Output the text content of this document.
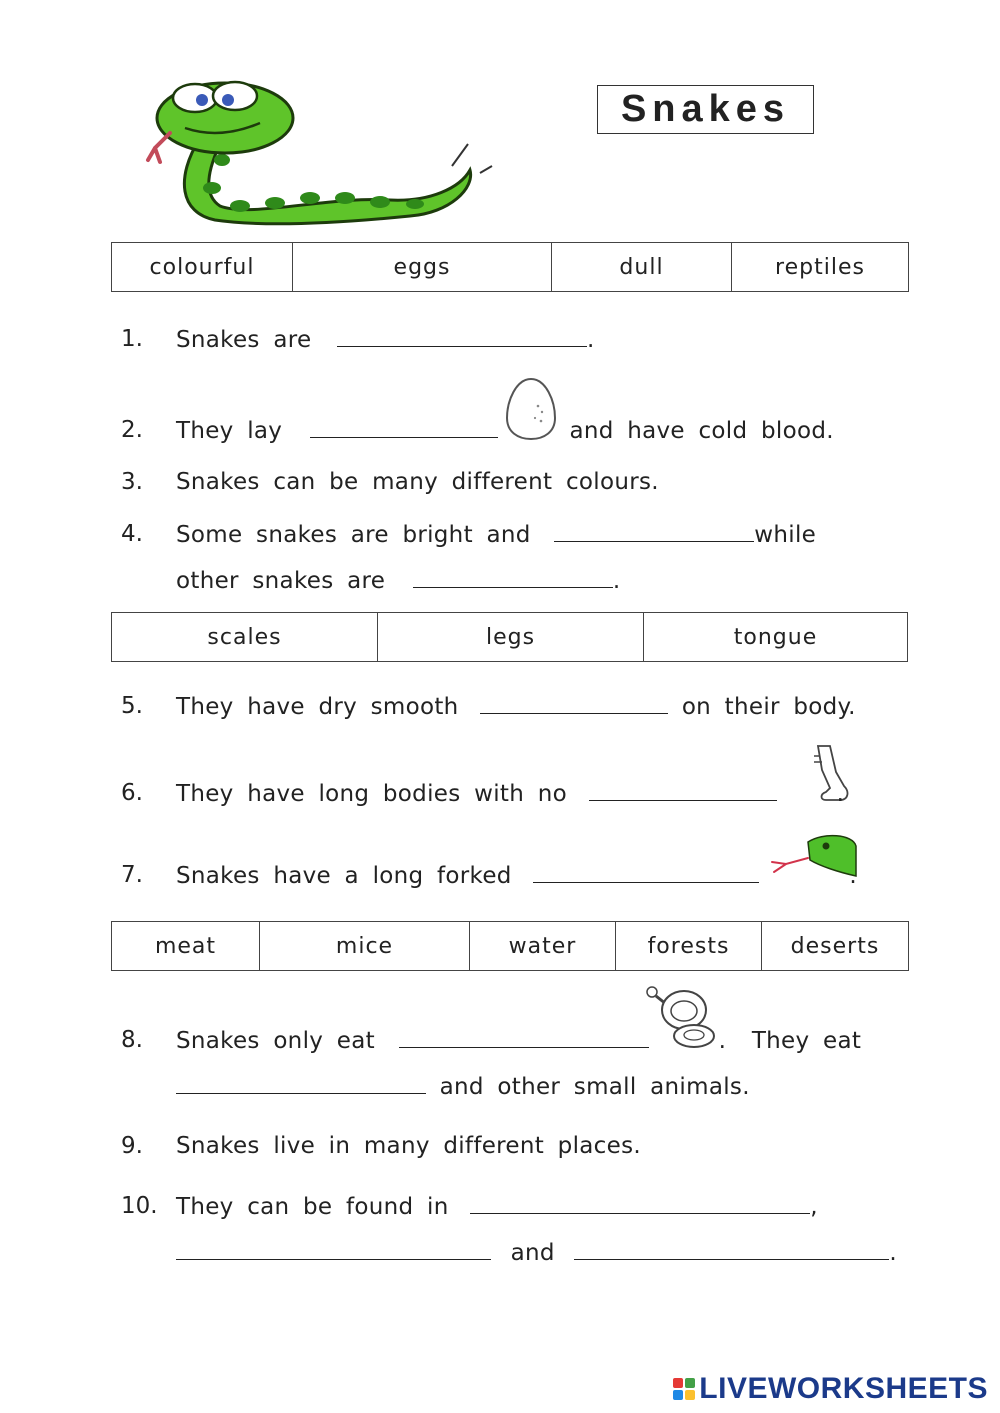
Snakes
colourful	eggs	dull	reptiles
1. Snakes are	.
2. They lay	and have cold blood.
3. Snakes can be many different colours.
4. Some snakes are bright and	while
other snakes are	.
scales	legs	tongue
5. They have dry smooth	on their body.
6. They have long bodies with no	.
7. Snakes have a long forked	.
meat	mice	water	forests	deserts
8. Snakes only eat	. They eat
and other small animals.
9. Snakes live in many different places.
10. They can be found in	,
and	.
LIVEWORKSHEETS
